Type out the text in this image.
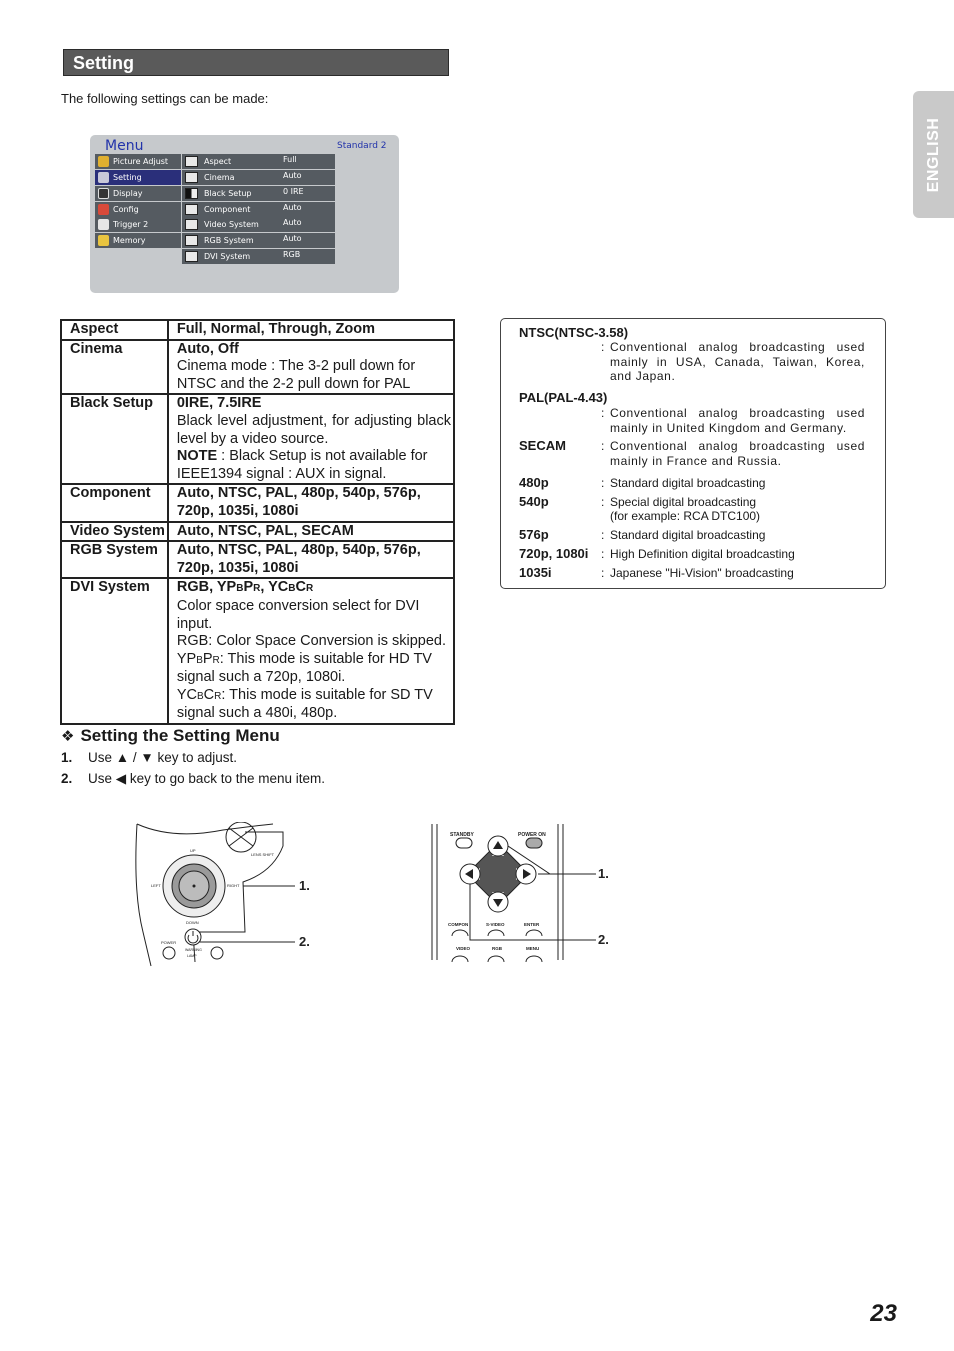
Setting
The following settings can be made:
ENGLISH
Menu	Standard 2
Picture Adjust
Setting
Display
Config
Trigger 2
Memory
Aspect	Full
Cinema	Auto
Black Setup	0 IRE
Component	Auto
Video System	Auto
RGB System	Auto
DVI System	RGB
Aspect	Full, Normal, Through, Zoom
Cinema	Auto, Off
Cinema mode : The 3-2 pull down for NTSC and the 2-2 pull down for PAL

Black Setup	0IRE, 7.5IRE
Black level adjustment, for adjusting black level by a video source.
NOTE : Black Setup is not available for IEEE1394 signal : AUX in signal.

Component	Auto, NTSC, PAL, 480p, 540p, 576p, 720p, 1035i, 1080i
Video System	Auto, NTSC, PAL, SECAM
RGB System	Auto, NTSC, PAL, 480p, 540p, 576p, 720p, 1035i, 1080i
DVI System	RGB, YPBPR, YCBCR
Color space conversion select for DVI input.
RGB: Color Space Conversion is skipped.
YPBPR: This mode is suitable for HD TV signal such a 720p, 1080i.
YCBCR: This mode is suitable for SD TV signal such a 480i, 480p.
NTSC(NTSC-3.58)
: Conventional analog broadcasting used mainly in USA, Canada, Taiwan, Korea, and Japan.
PAL(PAL-4.43)
: Conventional analog broadcasting used mainly in United Kingdom and Germany.
SECAM	: Conventional analog broadcasting used mainly in France and Russia.
480p	: Standard digital broadcasting
540p	: Special digital broadcasting
(for example: RCA DTC100)
576p	: Standard digital broadcasting
720p, 1080i : High Definition digital broadcasting
1035i	: Japanese "Hi-Vision" broadcasting
❖ Setting the Setting Menu
1. Use ▲ / ▼ key to adjust.
2. Use ◀ key to go back to the menu item.
LENS SHIFT
UP
DOWN
LEFT	RIGHT
POWER
WARNING
LAMP
1.
2.
STANDBY	POWER ON
COMPON	S-VIDEO	ENTER
VIDEO	RGB	MENU
1.
2.
23
